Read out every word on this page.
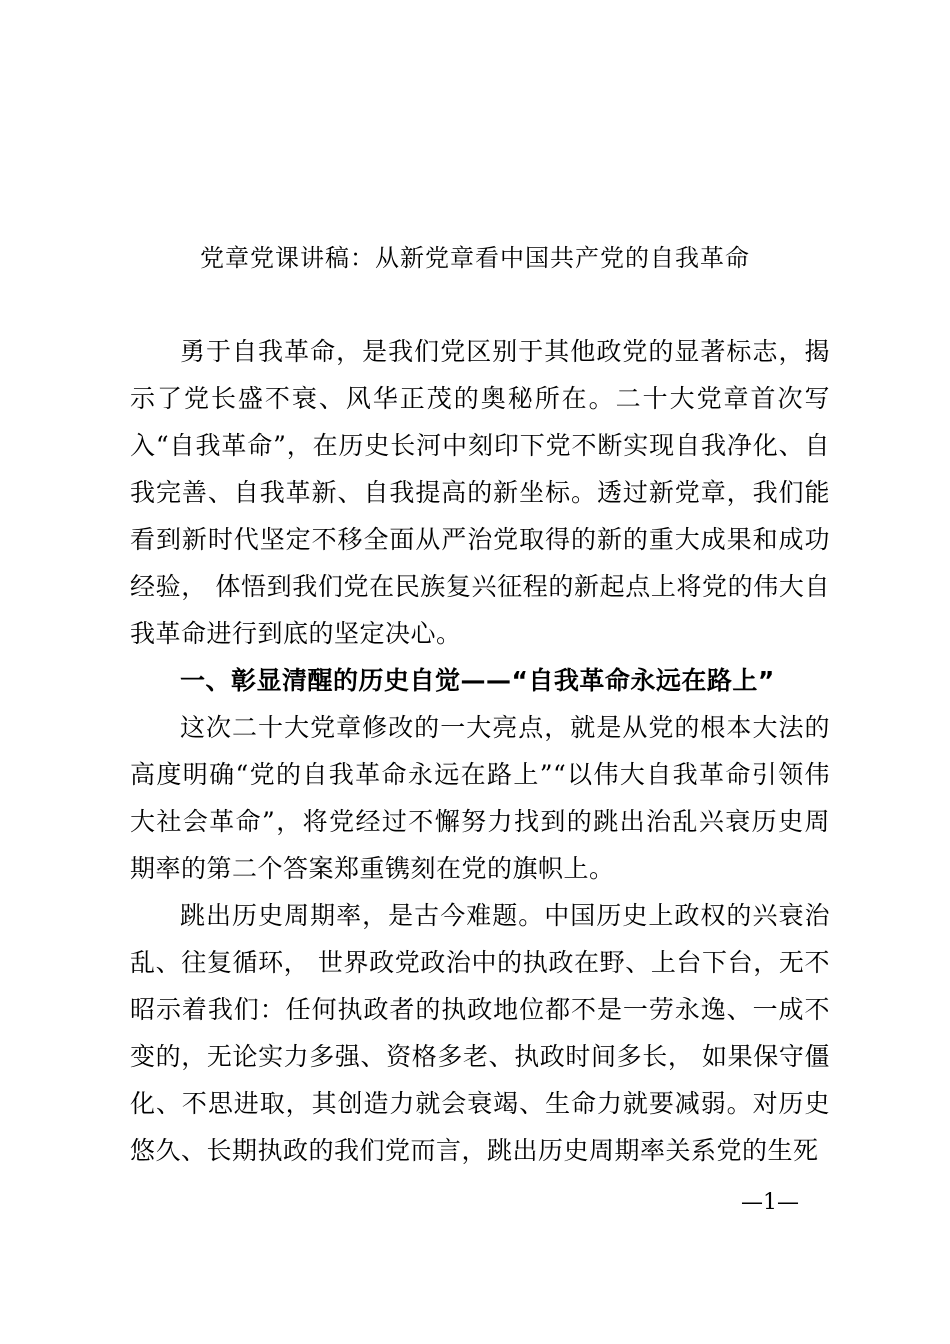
党章党课讲稿：从新党章看中国共产党的自我革命

勇于自我革命，是我们党区别于其他政党的显著标志，揭示了党长盛不衰、风华正茂的奥秘所在。二十大党章首次写入“自我革命”，在历史长河中刻印下党不断实现自我净化、自我完善、自我革新、自我提高的新坐标。透过新党章，我们能看到新时代坚定不移全面从严治党取得的新的重大成果和成功经验， 体悟到我们党在民族复兴征程的新起点上将党的伟大自我革命进行到底的坚定决心。

一、彰显清醒的历史自觉——“自我革命永远在路上”

这次二十大党章修改的一大亮点，就是从党的根本大法的高度明确“党的自我革命永远在路上”“以伟大自我革命引领伟大社会革命”，将党经过不懈努力找到的跳出治乱兴衰历史周期率的第二个答案郑重镌刻在党的旗帜上。

跳出历史周期率，是古今难题。中国历史上政权的兴衰治乱、往复循环， 世界政党政治中的执政在野、上台下台，无不昭示着我们：任何执政者的执政地位都不是一劳永逸、一成不变的，无论实力多强、资格多老、执政时间多长， 如果保守僵化、不思进取，其创造力就会衰竭、生命力就要减弱。对历史悠久、长期执政的我们党而言，跳出历史周期率关系党的生死

—1—
